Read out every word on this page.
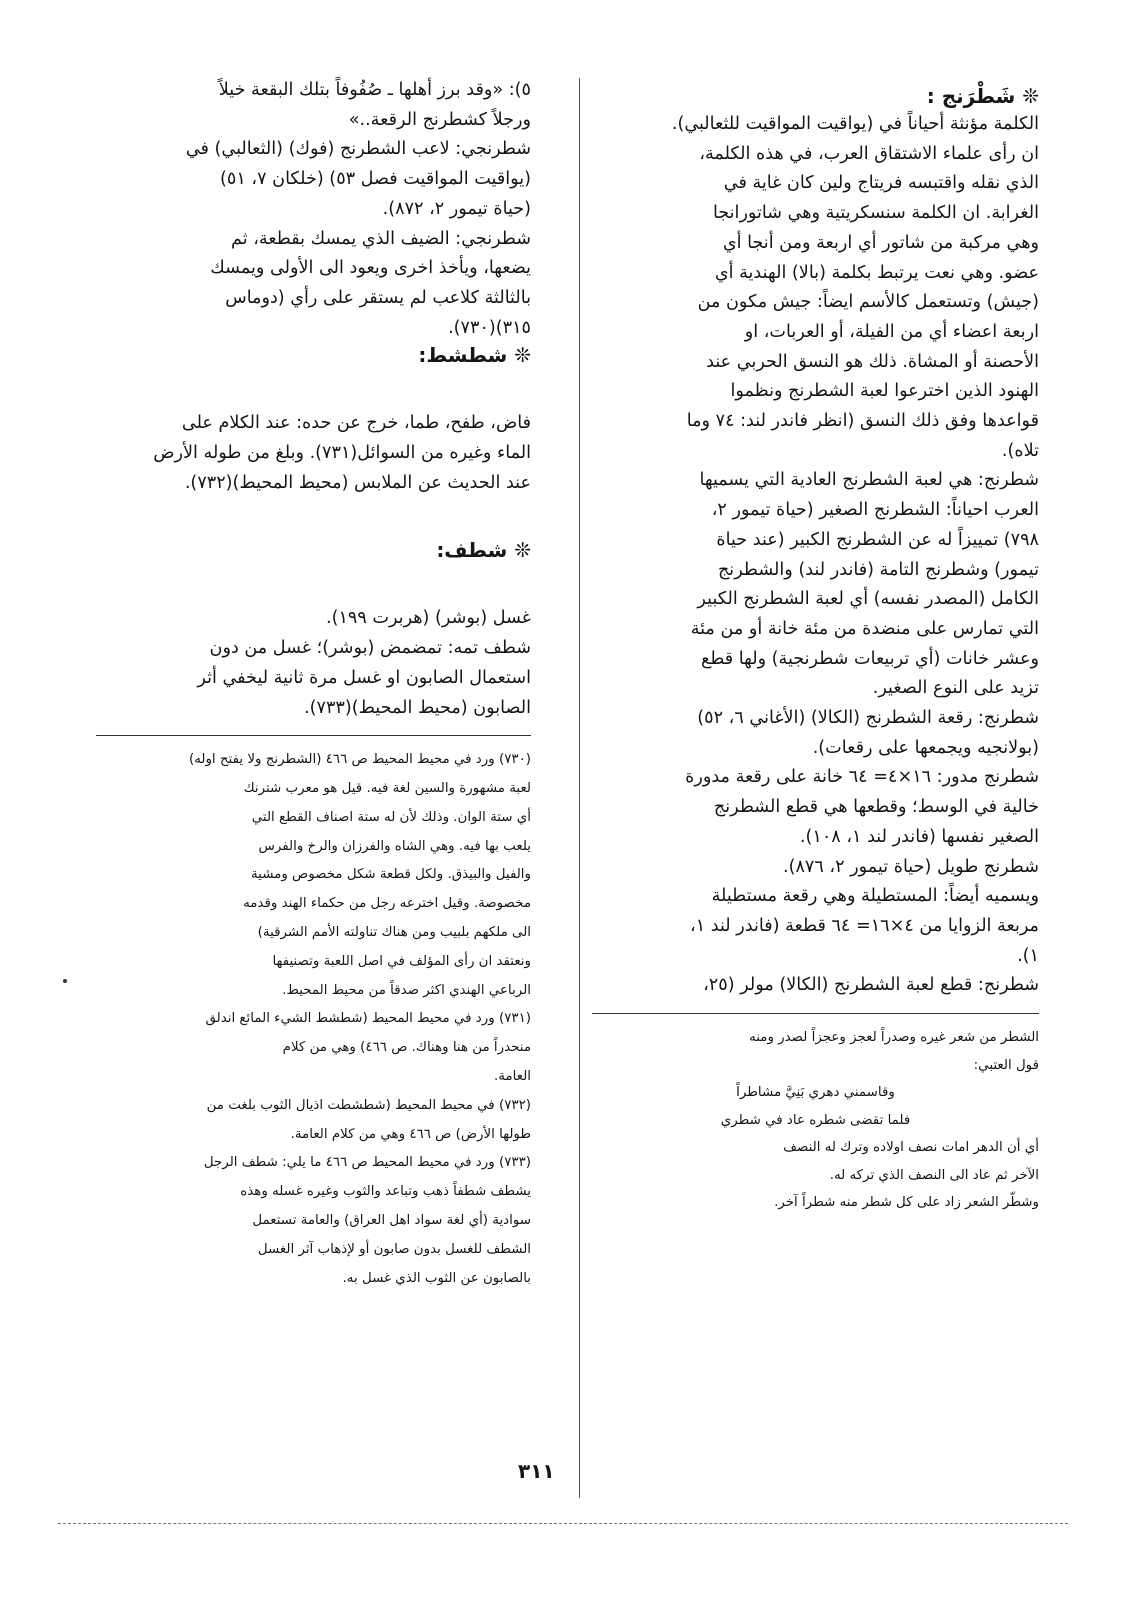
❊ شَطْرَنج :

الكلمة مؤنثة أحياناً في (يواقيت المواقيت للثعالبي).

ان رأى علماء الاشتقاق العرب، في هذه الكلمة،

الذي نقله واقتبسه فريتاج ولين كان غاية في

الغرابة. ان الكلمة سنسكريتية وهي شاتورانجا

وهي مركبة من شاتور أي اربعة ومن أنجا أي

عضو. وهي نعت يرتبط بكلمة (بالا) الهندية أي

(جيش) وتستعمل كالأسم ايضاً: جيش مكون من

اربعة اعضاء أي من الفيلة، أو العربات، او

الأحصنة أو المشاة. ذلك هو النسق الحربي عند

الهنود الذين اخترعوا لعبة الشطرنج ونظموا

قواعدها وفق ذلك النسق (انظر فاندر لند: ٧٤ وما

تلاه).

شطرنج: هي لعبة الشطرنج العادية التي يسميها

العرب احياناً: الشطرنج الصغير (حياة تيمور ٢،

٧٩٨) تمييزاً له عن الشطرنج الكبير (عند حياة

تيمور) وشطرنج التامة (فاندر لند) والشطرنج

الكامل (المصدر نفسه) أي لعبة الشطرنج الكبير

التي تمارس على منضدة من مئة خانة أو من مئة

وعشر خانات (أي تربيعات شطرنجية) ولها قطع

تزيد على النوع الصغير.

شطرنج: رقعة الشطرنج (الكالا) (الأغاني ٦، ٥٢)

(بولانجيه ويجمعها على رقعات).

شطرنج مدور: ١٦×٤= ٦٤ خانة على رقعة مدورة

خالية في الوسط؛ وقطعها هي قطع الشطرنج

الصغير نفسها (فاندر لند ١، ١٠٨).

شطرنج طويل (حياة تيمور ٢، ٨٧٦).

ويسميه أيضاً: المستطيلة وهي رقعة مستطيلة

مربعة الزوايا من ٤×١٦= ٦٤ قطعة (فاندر لند ١،

١).

شطرنج: قطع لعبة الشطرنج (الكالا) مولر (٢٥،

الشطر من شعر غيره وصدراً لعجز وعجزاً لصدر ومنه

قول العتبي:

وقاسمني دهري بَنِيَّ مشاطراً

فلما تقضى شطره عاد في شطري

أي أن الدهر امات نصف اولاده وترك له النصف

الآخر ثم عاد الى النصف الذي تركه له.

وشطّر الشعر زاد على كل شطر منه شطراً آخر.

٥): «وقد برز أهلها ـ صُفُوفاً بتلك البقعة خيلاً

ورجلاً كشطرنج الرقعة..»

شطرنجي: لاعب الشطرنج (فوك) (الثعالبي) في

(يواقيت المواقيت فصل ٥٣) (خلكان ٧، ٥١)

(حياة تيمور ٢، ٨٧٢).

شطرنجي: الضيف الذي يمسك بقطعة، ثم

يضعها، ويأخذ اخرى ويعود الى الأولى ويمسك

بالثالثة كلاعب لم يستقر على رأي (دوماس

٣١٥)(٧٣٠).

❊ شطشط:

فاض، طفح، طما، خرج عن حده: عند الكلام على

الماء وغيره من السوائل(٧٣١). وبلغ من طوله الأرض

عند الحديث عن الملابس (محيط المحيط)(٧٣٢).

❊ شطف:

غسل (بوشر) (هربرت ١٩٩).

شطف تمه: تمضمض (بوشر)؛ غسل من دون

استعمال الصابون او غسل مرة ثانية ليخفي أثر

الصابون (محيط المحيط)(٧٣٣).

(٧٣٠) ورد في محيط المحيط ص ٤٦٦ (الشطرنج ولا يفتح اوله)

لعبة مشهورة والسين لغة فيه. قيل هو معرب شترنك

أي ستة الوان. وذلك لأن له ستة اصناف القطع التي

يلعب بها فيه. وهي الشاه والفرزان والرخ والفرس

والفيل والبيذق. ولكل قطعة شكل مخصوص ومشية

مخصوصة. وقيل اخترعه رجل من حكماء الهند وقدمه

الى ملكهم بلبيب ومن هناك تناولته الأمم الشرقية)

ونعتقد ان رأى المؤلف في اصل اللعبة وتصنيفها

الرباعي الهندي اكثر صدقاً من محيط المحيط.

(٧٣١) ورد في محيط المحيط (شطشط الشيء المائع اندلق

منحدراً من هنا وهناك. ص ٤٦٦) وهي من كلام

العامة.

(٧٣٢) في محيط المحيط (شطشطت اذيال الثوب بلغت من

طولها الأرض) ص ٤٦٦ وهي من كلام العامة.

(٧٣٣) ورد في محيط المحيط ص ٤٦٦ ما يلي: شطف الرجل

يشطف شطفاً ذهب وتباعد والثوب وغيره غسله وهذه

سوادية (أي لغة سواد اهل العراق) والعامة تستعمل

الشطف للغسل بدون صابون أو لإذهاب آثر الغسل

بالصابون عن الثوب الذي غسل به.

٣١١
